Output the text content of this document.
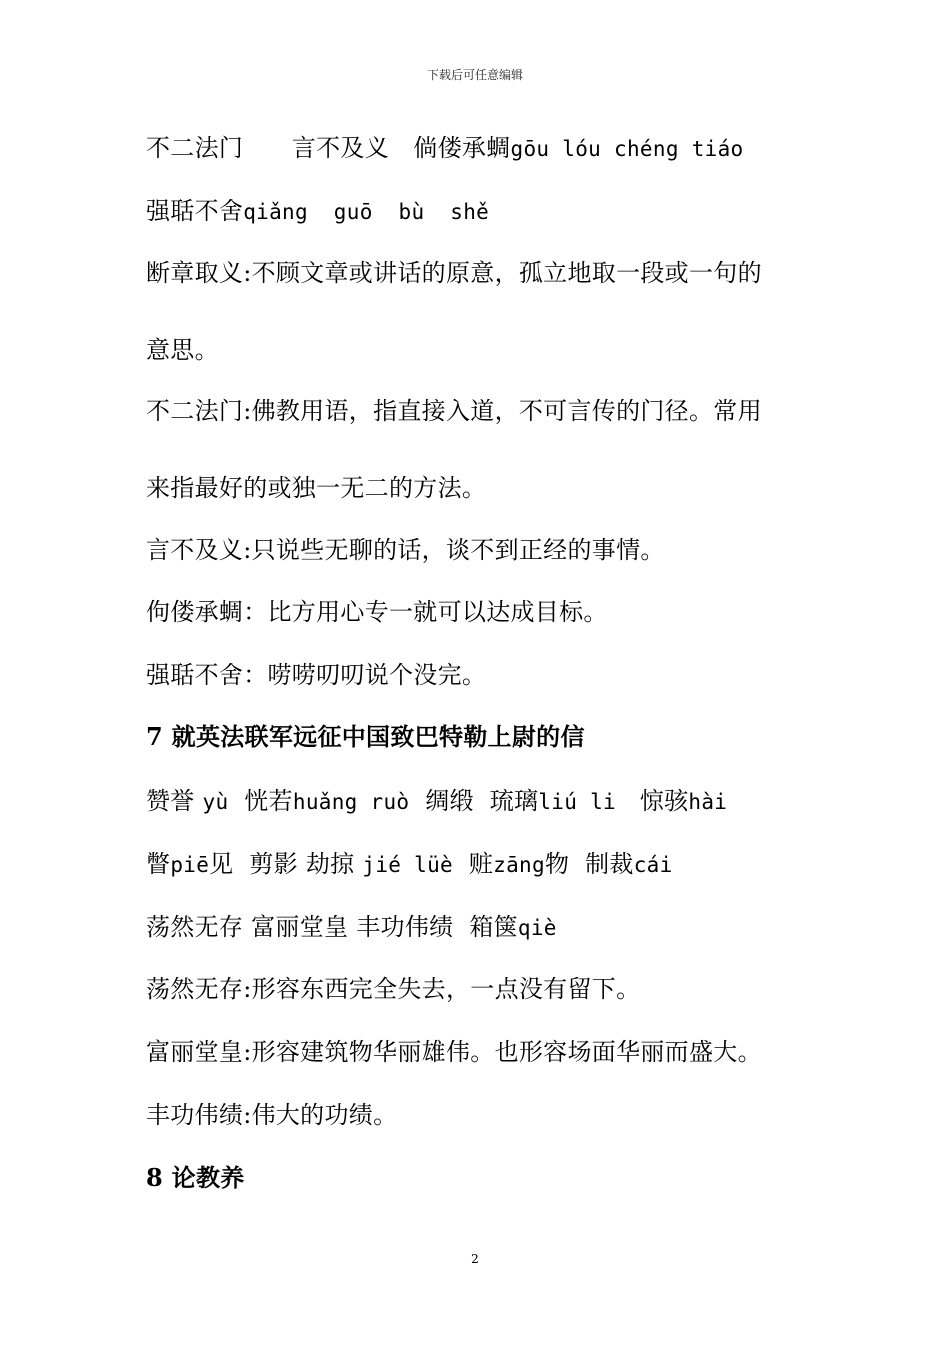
下载后可任意编辑
不二法门　　言不及义　倘偻承蜩gōu lóu chéng tiáo
强聒不舍qiǎng  guō  bù  shě
断章取义:不顾文章或讲话的原意，孤立地取一段或一句的
意思。
不二法门:佛教用语，指直接入道，不可言传的门径。常用
来指最好的或独一无二的方法。
言不及义:只说些无聊的话，谈不到正经的事情。
佝偻承蜩：比方用心专一就可以达成目标。
强聒不舍：唠唠叨叨说个没完。
7 就英法联军远征中国致巴特勒上尉的信
赞誉 yù  恍若huǎng ruò  绸缎  琉璃liú li   惊骇hài
瞥piē见  剪影 劫掠 jié lüè  赃zāng物  制裁cái
荡然无存 富丽堂皇 丰功伟绩  箱箧qiè
荡然无存:形容东西完全失去，一点没有留下。
富丽堂皇:形容建筑物华丽雄伟。也形容场面华丽而盛大。
丰功伟绩:伟大的功绩。
8 论教养
2
